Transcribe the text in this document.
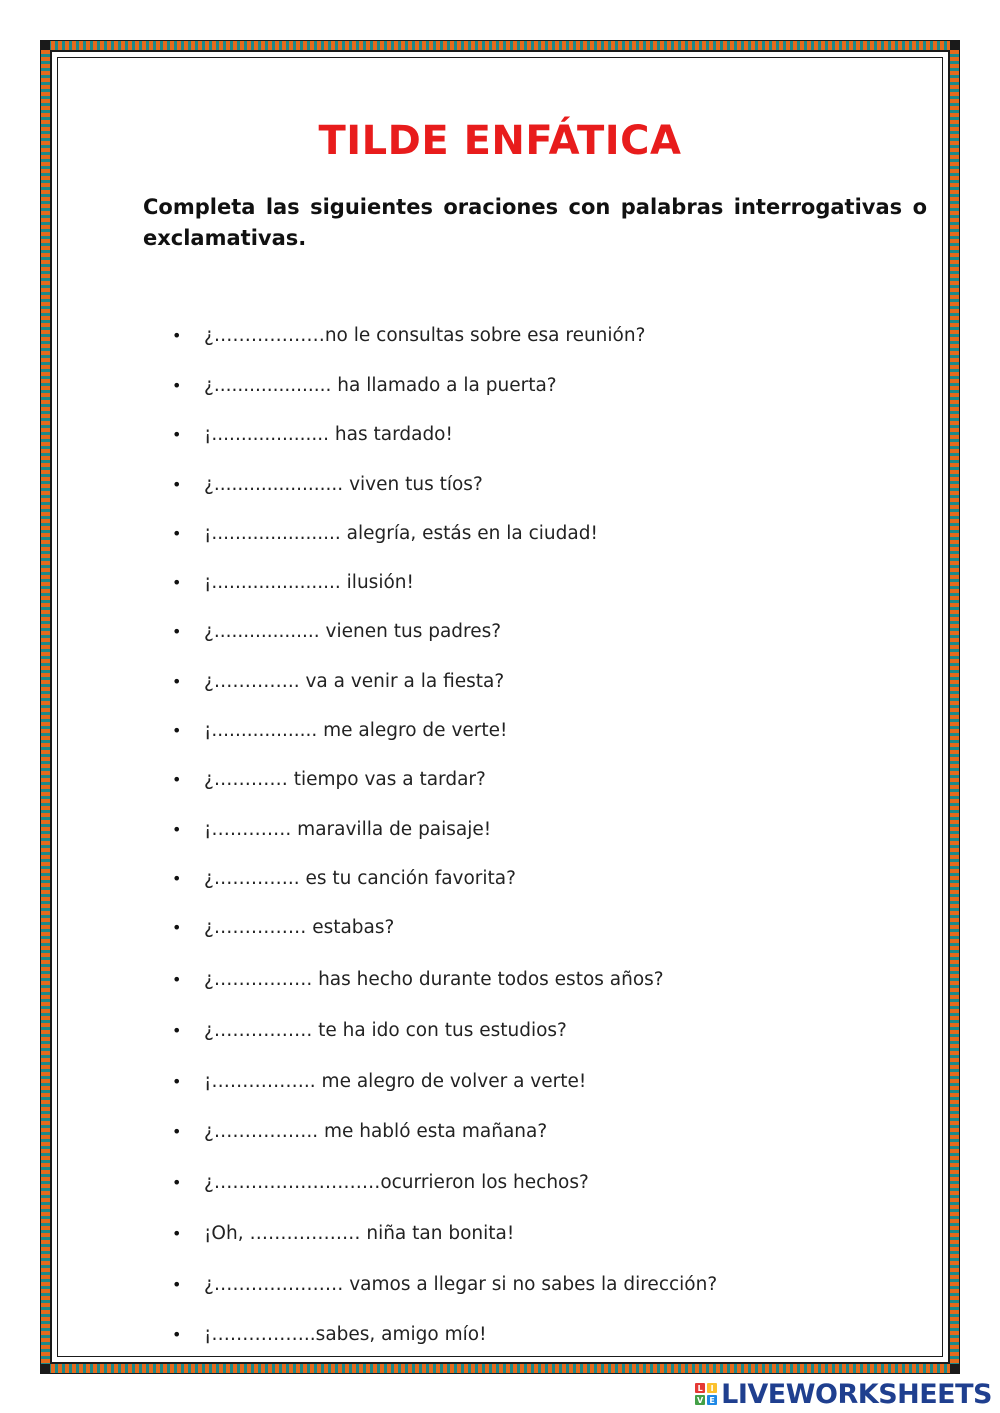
TILDE ENFÁTICA

Completa las siguientes oraciones con palabras interrogativas o exclamativas.

• ¿………………no le consultas sobre esa reunión?
• ¿.................... ha llamado a la puerta?
• ¡.................... has tardado!
• ¿...................... viven tus tíos?
• ¡...................... alegría, estás en la ciudad!
• ¡...................... ilusión!
• ¿.................. vienen tus padres?
• ¿………….. va a venir a la fiesta?
• ¡.................. me alegro de verte!
• ¿………… tiempo vas a tardar?
• ¡…………. maravilla de paisaje!
• ¿………….. es tu canción favorita?
• ¿…………… estabas?
• ¿……………. has hecho durante todos estos años?
• ¿……………. te ha ido con tus estudios?
• ¡…………….. me alegro de volver a verte!
• ¿…………….. me habló esta mañana?
• ¿………………………ocurrieron los hechos?
• ¡Oh, ……………… niña tan bonita!
• ¿………………… vamos a llegar si no sabes la dirección?
• ¡……………..sabes, amigo mío!
L I
V E LIVEWORKSHEETS
